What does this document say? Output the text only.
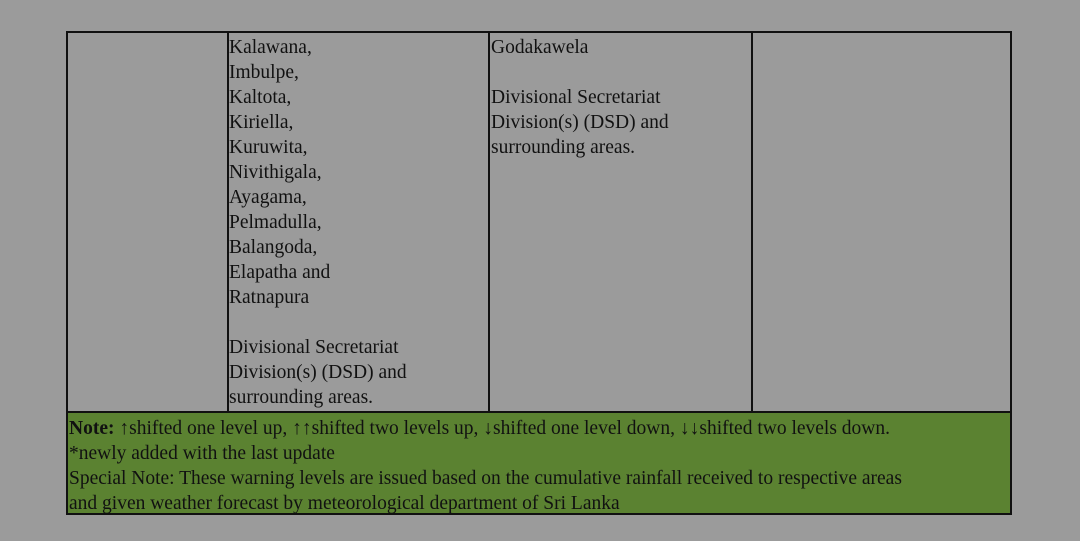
Kalawana,
Imbulpe,
Kaltota,
Kiriella,
Kuruwita,
Nivithigala,
Ayagama,
Pelmadulla,
Balangoda,
Elapatha and
Ratnapura
Divisional Secretariat
Division(s) (DSD) and
surrounding areas.
Godakawela
Divisional Secretariat
Division(s) (DSD) and
surrounding areas.
Note: ↑shifted one level up, ↑↑shifted two levels up, ↓shifted one level down, ↓↓shifted two levels down.
*newly added with the last update
Special Note: These warning levels are issued based on the cumulative rainfall received to respective areas
and given weather forecast by meteorological department of Sri Lanka
